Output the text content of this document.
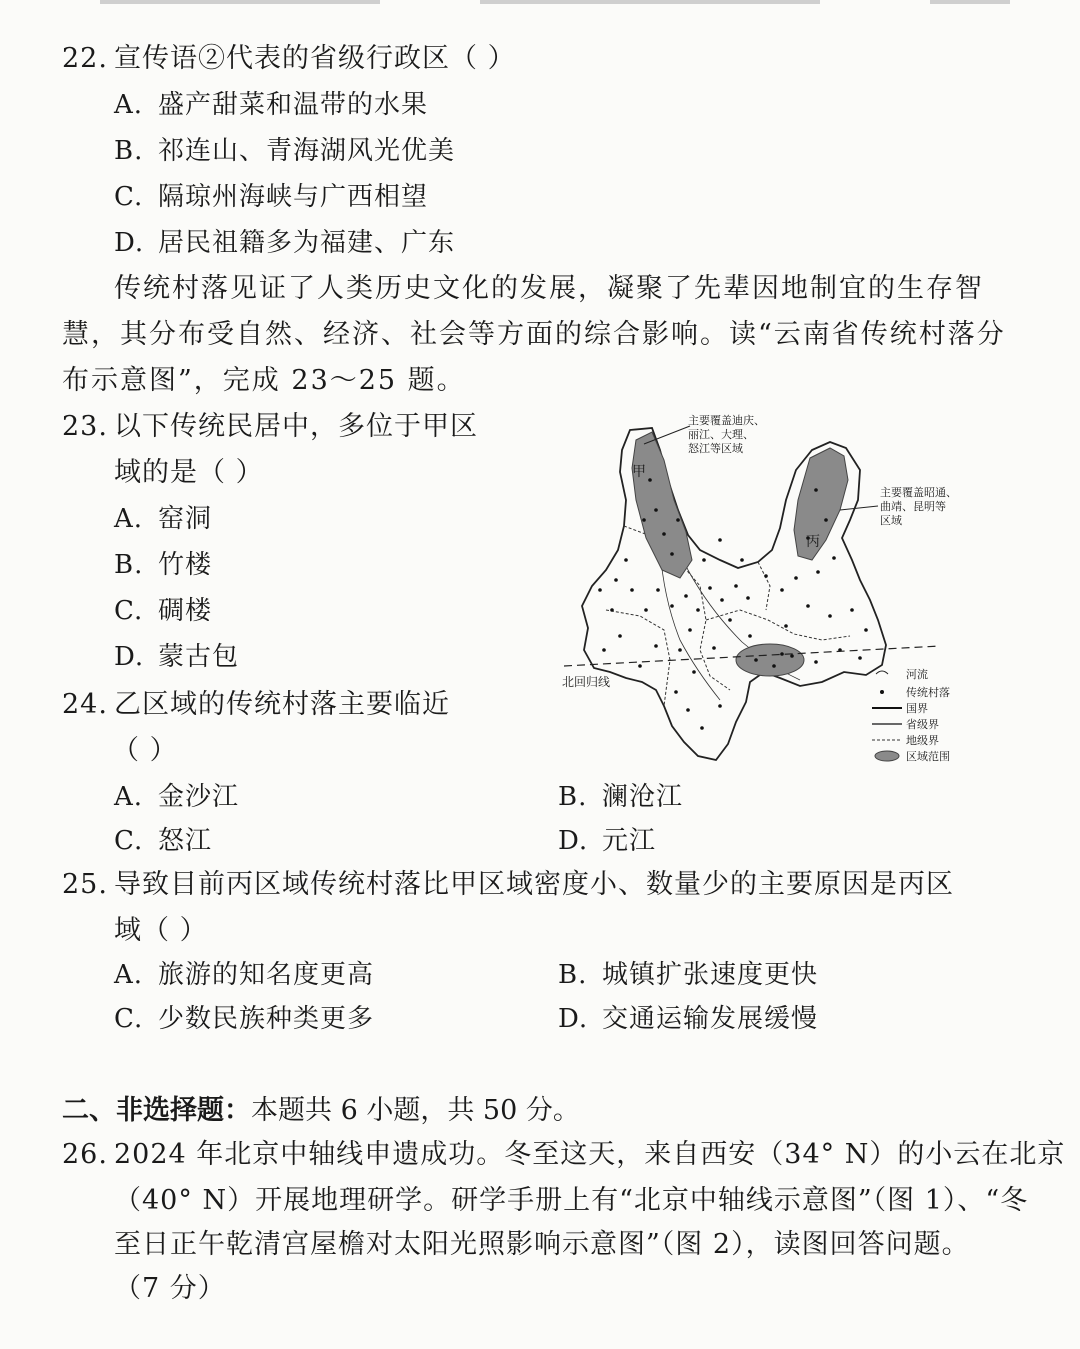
22. 宣传语②代表的省级行政区（ ）
A. 盛产甜菜和温带的水果
B. 祁连山、青海湖风光优美
C. 隔琼州海峡与广西相望
D. 居民祖籍多为福建、广东
传统村落见证了人类历史文化的发展，凝聚了先辈因地制宜的生存智
慧，其分布受自然、经济、社会等方面的综合影响。读“云南省传统村落分
布示意图”，完成 23～25 题。
23. 以下传统民居中，多位于甲区
域的是（ ）
A. 窑洞
B. 竹楼
C. 碉楼
D. 蒙古包
24. 乙区域的传统村落主要临近
（ ）
A. 金沙江	B. 澜沧江
C. 怒江	D. 元江
25. 导致目前丙区域传统村落比甲区域密度小、数量少的主要原因是丙区
域（ ）
A. 旅游的知名度更高	B. 城镇扩张速度更快
C. 少数民族种类更多	D. 交通运输发展缓慢
二、非选择题：本题共 6 小题，共 50 分。
26. 2024 年北京中轴线申遗成功。冬至这天，来自西安（34° N）的小云在北京
（40° N）开展地理研学。研学手册上有“北京中轴线示意图”（图 1）、“冬
至日正午乾清宫屋檐对太阳光照影响示意图”（图 2），读图回答问题。
（7 分）
甲
丙
主要覆盖迪庆、
丽江、大理、
怒江等区域
主要覆盖昭通、
曲靖、昆明等
区域
北回归线
河流
传统村落
国界
省级界
地级界
区域范围
